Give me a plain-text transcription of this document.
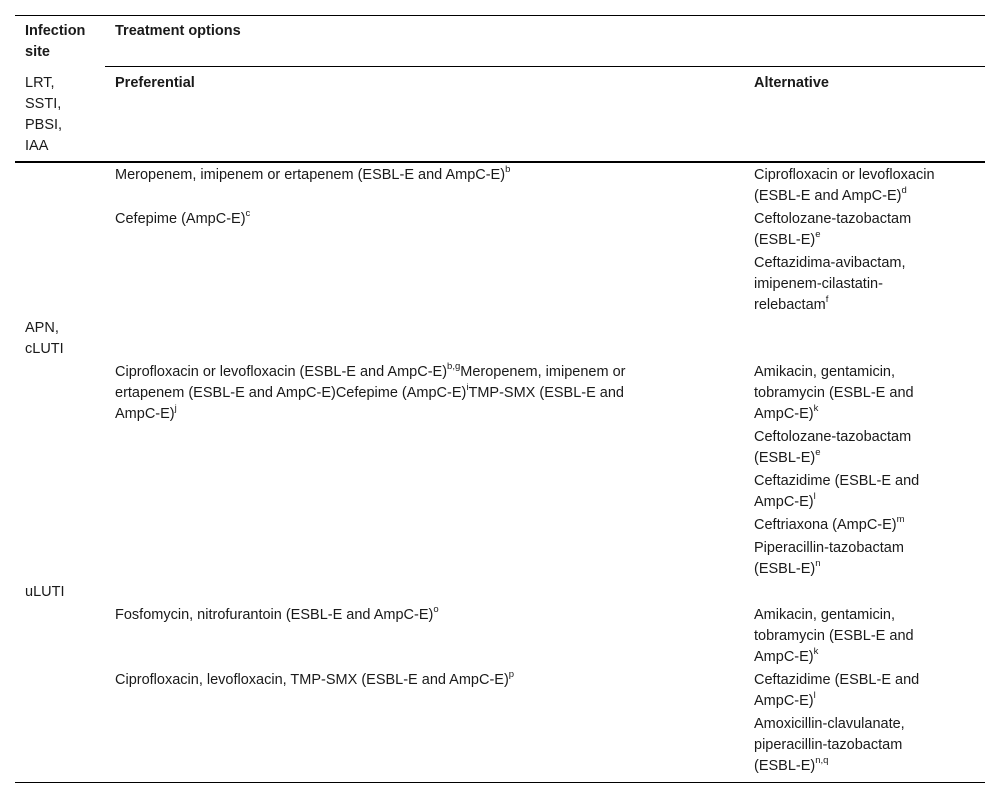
Infection
site
Treatment options
Preferential	Alternative
LRT,
SSTI,
PBSI,
IAA
Meropenem, imipenem or ertapenem (ESBL-E and AmpC-E)$^b$
Cefepime (AmpC-E)$^c$
Ciprofloxacin or levofloxacin
(ESBL-E and AmpC-E)$^d$
Ceftolozane-tazobactam
(ESBL-E)$^e$
Ceftazidima-avibactam,
imipenem-cilastatin-
relebactam$^f$
APN,
cLUTI
Ciprofloxacin or levofloxacin (ESBL-E and AmpC-E)$^{b,g}$Meropenem, imipenem or
ertapenem (ESBL-E and AmpC-E)Cefepime (AmpC-E)$^i$TMP-SMX (ESBL-E and
AmpC-E)$^j$
Amikacin, gentamicin,
tobramycin (ESBL-E and
AmpC-E)$^k$
Ceftolozane-tazobactam
(ESBL-E)$^e$
Ceftazidime (ESBL-E and
AmpC-E)$^l$
Ceftriaxona (AmpC-E)$^m$
Piperacillin-tazobactam
(ESBL-E)$^n$
uLUTI
Fosfomycin, nitrofurantoin (ESBL-E and AmpC-E)$^o$
Ciprofloxacin, levofloxacin, TMP-SMX (ESBL-E and AmpC-E)$^p$
Amikacin, gentamicin,
tobramycin (ESBL-E and
AmpC-E)$^k$
Ceftazidime (ESBL-E and
AmpC-E)$^l$
Amoxicillin-clavulanate,
piperacillin-tazobactam
(ESBL-E)$^{n,q}$
